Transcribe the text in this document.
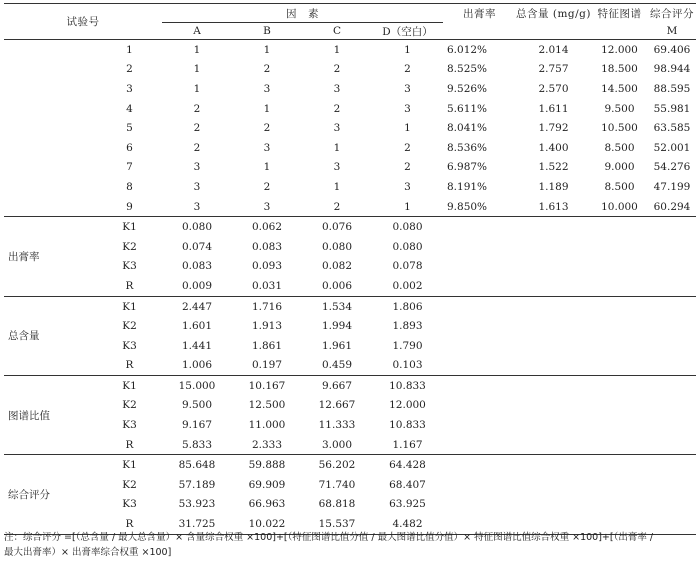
试验号		因　素				出膏率	总含量 (mg/g)	特征图谱	综合评分
		A	B	C	D（空白）				M
	1	1	1	1	1	6.012%	2.014	12.000	69.406
	2	1	2	2	2	8.525%	2.757	18.500	98.944
	3	1	3	3	3	9.526%	2.570	14.500	88.595
	4	2	1	2	3	5.611%	1.611	9.500	55.981
	5	2	2	3	1	8.041%	1.792	10.500	63.585
	6	2	3	1	2	8.536%	1.400	8.500	52.001
	7	3	1	3	2	6.987%	1.522	9.000	54.276
	8	3	2	1	3	8.191%	1.189	8.500	47.199
	9	3	3	2	1	9.850%	1.613	10.000	60.294
出膏率	K1	0.080	0.062	0.076	0.080				
	K2	0.074	0.083	0.080	0.080				
	K3	0.083	0.093	0.082	0.078				
	R	0.009	0.031	0.006	0.002				
总含量	K1	2.447	1.716	1.534	1.806				
	K2	1.601	1.913	1.994	1.893				
	K3	1.441	1.861	1.961	1.790				
	R	1.006	0.197	0.459	0.103				
图谱比值	K1	15.000	10.167	9.667	10.833				
	K2	9.500	12.500	12.667	12.000				
	K3	9.167	11.000	11.333	10.833				
	R	5.833	2.333	3.000	1.167				
综合评分	K1	85.648	59.888	56.202	64.428				
	K2	57.189	69.909	71.740	68.407				
	K3	53.923	66.963	68.818	63.925				
	R	31.725	10.022	15.537	4.482				
注：综合评分 =[（总含量 / 最大总含量）× 含量综合权重 ×100]+[（特征图谱比值分值 / 最大图谱比值分值）× 特征图谱比值综合权重 ×100]+[（出膏率 /
最大出膏率）× 出膏率综合权重 ×100]
